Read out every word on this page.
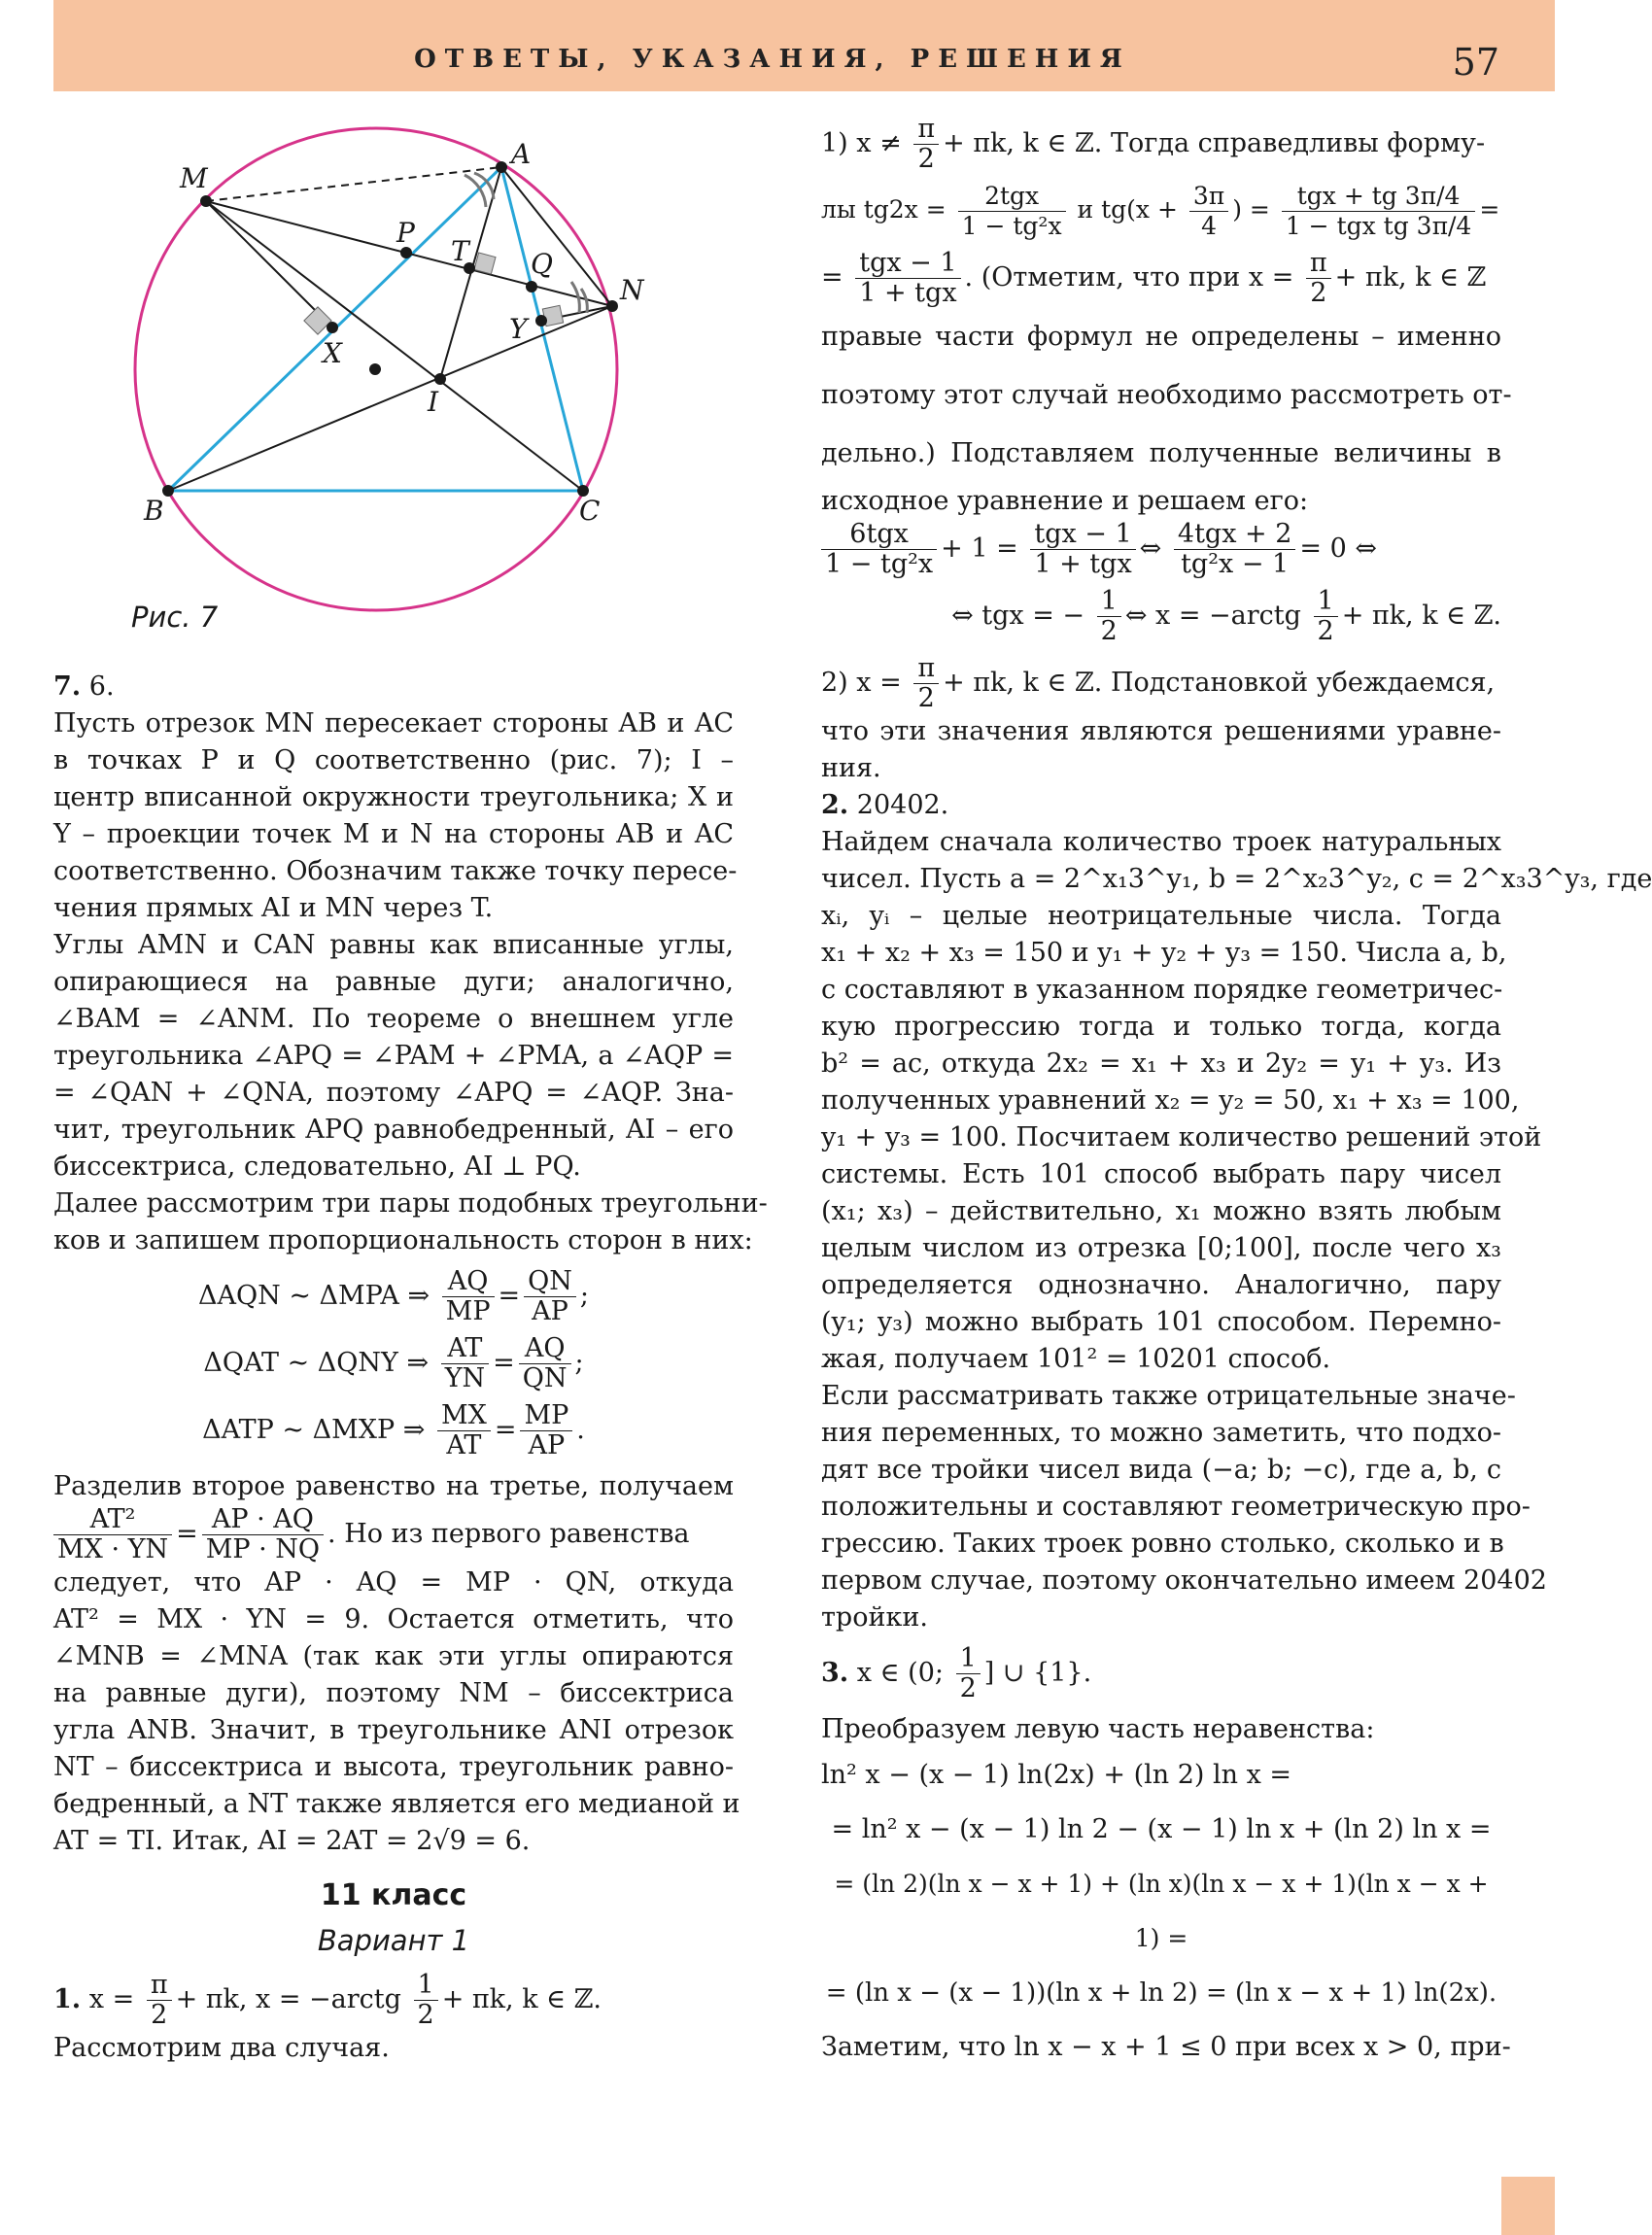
ОТВЕТЫ, УКАЗАНИЯ, РЕШЕНИЯ	57
M
A
N
B	C
P
T Q
X
Y
I
Рис. 7
7. 6.
Пусть отрезок MN пересекает стороны AB и AC
в точках P и Q соответственно (рис. 7); I –
центр вписанной окружности треугольника; X и
Y – проекции точек M и N на стороны AB и AC
соответственно. Обозначим также точку пересе-
чения прямых AI и MN через T.
Углы AMN и CAN равны как вписанные углы,
опирающиеся на равные дуги; аналогично,
∠BAM = ∠ANM. По теореме о внешнем угле
треугольника ∠APQ = ∠PAM + ∠PMA, а ∠AQP =
= ∠QAN + ∠QNA, поэтому ∠APQ = ∠AQP. Зна-
чит, треугольник APQ равнобедренный, AI – его
биссектриса, следовательно, AI ⊥ PQ.
Далее рассмотрим три пары подобных треугольни-
ков и запишем пропорциональность сторон в них:
ΔAQN ~ ΔMPA ⇒ $\frac{AQ}{MP} = \frac{QN}{AP}$ ;
ΔQAT ~ ΔQNY ⇒ $\frac{AT}{YN} = \frac{AQ}{QN}$ ;
ΔATP ~ ΔMXP ⇒ $\frac{MX}{AT} = \frac{MP}{AP}$ .
Разделив второе равенство на третье, получаем
$\frac{\text{AT²}}{MX \cdot YN} = \frac{AP \cdot AQ}{MP \cdot NQ}$ . Но из первого равенства
следует, что AP · AQ = MP · QN, откуда
AT² = MX · YN = 9. Остается отметить, что
∠MNB = ∠MNA (так как эти углы опираются
на равные дуги), поэтому NM – биссектриса
угла ANB. Значит, в треугольнике ANI отрезок
NT – биссектриса и высота, треугольник равно-
бедренный, а NT также является его медианой и
AT = TI. Итак, AI = 2AT = 2√9 = 6.
11 класс
Вариант 1
1. $x = \frac{\pi}{2} + \pi k$, x = −arctg $\frac{1}{2} + \pi k$, k ∈ ℤ.
Рассмотрим два случая.
1) $x \ne \frac{\pi}{2} + \pi k$, k ∈ ℤ. Тогда справедливы форму-
лы $tg2x = \frac{\text{2tgx}}{\text{1 − tg²x}}$ и $tg(x + \frac{3\pi}{4}$ ) = $\frac{\text{tgx + tg 3π/4}}{\text{1 − tgx tg 3π/4}}$ =
= $\frac{\text{tgx − 1}}{\text{1 + tgx}}$ . (Отметим, что при $x = \frac{\pi}{2} + \pi k$, k ∈ ℤ
правые части формул не определены – именно
поэтому этот случай необходимо рассмотреть от-
дельно.) Подставляем полученные величины в
исходное уравнение и решаем его:
$\frac{\text{6tgx}}{\text{1 − tg²x}} + 1 = \frac{\text{tgx − 1}}{\text{1 + tgx}}$ ⇔ $\frac{\text{4tgx + 2}}{\text{tg²x − 1}} = 0$ ⇔
⇔ tgx = − $\frac{1}{2}$ ⇔ x = −arctg $\frac{1}{2} + \pi k$, k ∈ ℤ.
2) $x = \frac{\pi}{2} + \pi k$, k ∈ ℤ. Подстановкой убеждаемся,
что эти значения являются решениями уравне-
ния.
2. 20402.
Найдем сначала количество троек натуральных
чисел. Пусть a = 2^x₁3^y₁, b = 2^x₂3^y₂, c = 2^x₃3^y₃, где
xᵢ, yᵢ – целые неотрицательные числа. Тогда
x₁ + x₂ + x₃ = 150 и y₁ + y₂ + y₃ = 150. Числа a, b,
c составляют в указанном порядке геометричес-
кую прогрессию тогда и только тогда, когда
b² = ac, откуда 2x₂ = x₁ + x₃ и 2y₂ = y₁ + y₃. Из
полученных уравнений x₂ = y₂ = 50, x₁ + x₃ = 100,
y₁ + y₃ = 100. Посчитаем количество решений этой
системы. Есть 101 способ выбрать пару чисел
(x₁; x₃) – действительно, x₁ можно взять любым
целым числом из отрезка [0;100], после чего x₃
определяется однозначно. Аналогично, пару
(y₁; y₃) можно выбрать 101 способом. Перемно-
жая, получаем 101² = 10201 способ.
Если рассматривать также отрицательные значе-
ния переменных, то можно заметить, что подхо-
дят все тройки чисел вида (−a; b; −c), где a, b, c
положительны и составляют геометрическую про-
грессию. Таких троек ровно столько, сколько и в
первом случае, поэтому окончательно имеем 20402
тройки.
3. x ∈ (0; $\frac{1}{2}$ ] ∪ {1}.
Преобразуем левую часть неравенства:
ln² x − (x − 1) ln(2x) + (ln 2) ln x =
= ln² x − (x − 1) ln 2 − (x − 1) ln x + (ln 2) ln x =
= (ln 2)(ln x − x + 1) + (ln x)(ln x − x + 1)(ln x − x + 1) =
= (ln x − (x − 1))(ln x + ln 2) = (ln x − x + 1) ln(2x).
Заметим, что ln x − x + 1 ≤ 0 при всех x > 0, при-
